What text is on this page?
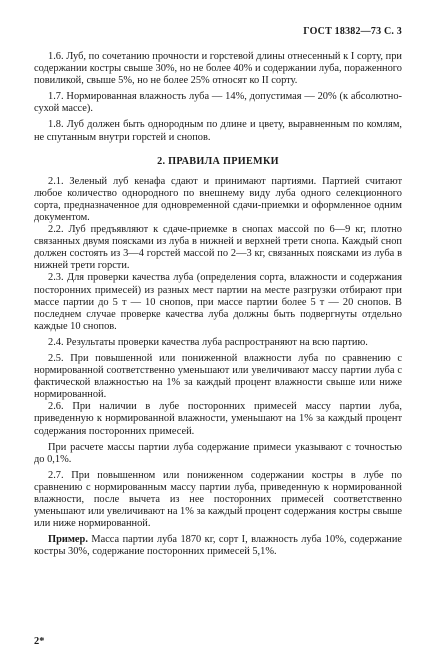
ГОСТ 18382—73 С. 3

1.6. Луб, по сочетанию прочности и горстевой длины отнесенный к I сорту, при содержании костры свыше 30%, но не более 40% и содержании луба, пораженного повиликой, свыше 5%, но не более 25% относят ко II сорту.

1.7. Нормированная влажность луба — 14%, допустимая — 20% (к абсолютно-сухой массе).

1.8. Луб должен быть однородным по длине и цвету, выравненным по комлям, не спутанным внутри горстей и снопов.

2. ПРАВИЛА ПРИЕМКИ

2.1. Зеленый луб кенафа сдают и принимают партиями. Партией считают любое количество однородного по внешнему виду луба одного селекционного сорта, предназначенное для одновременной сдачи-приемки и оформленное одним документом.

2.2. Луб предъявляют к сдаче-приемке в снопах массой по 6—9 кг, плотно связанных двумя поясками из луба в нижней и верхней трети снопа. Каждый сноп должен состоять из 3—4 горстей массой по 2—3 кг, связанных поясками из луба в нижней трети горсти.

2.3. Для проверки качества луба (определения сорта, влажности и содержания посторонних примесей) из разных мест партии на месте разгрузки отбирают при массе партии до 5 т — 10 снопов, при массе партии более 5 т — 20 снопов. В последнем случае проверке качества луба должны быть подвергнуты отдельно каждые 10 снопов.

2.4. Результаты проверки качества луба распространяют на всю партию.

2.5. При повышенной или пониженной влажности луба по сравнению с нормированной соответственно уменьшают или увеличивают массу партии луба с фактической влажностью на 1% за каждый процент влажности свыше или ниже нормированной.

2.6. При наличии в лубе посторонних примесей массу партии луба, приведенную к нормированной влажности, уменьшают на 1% за каждый процент содержания посторонних примесей.

При расчете массы партии луба содержание примеси указывают с точностью до 0,1%.

2.7. При повышенном или пониженном содержании костры в лубе по сравнению с нормированным массу партии луба, приведенную к нормированной влажности, после вычета из нее посторонних примесей соответственно уменьшают или увеличивают на 1% за каждый процент содержания костры свыше или ниже нормированной.

Пример. Масса партии луба 1870 кг, сорт I, влажность луба 10%, содержание костры 30%, содержание посторонних примесей 5,1%.

2*
